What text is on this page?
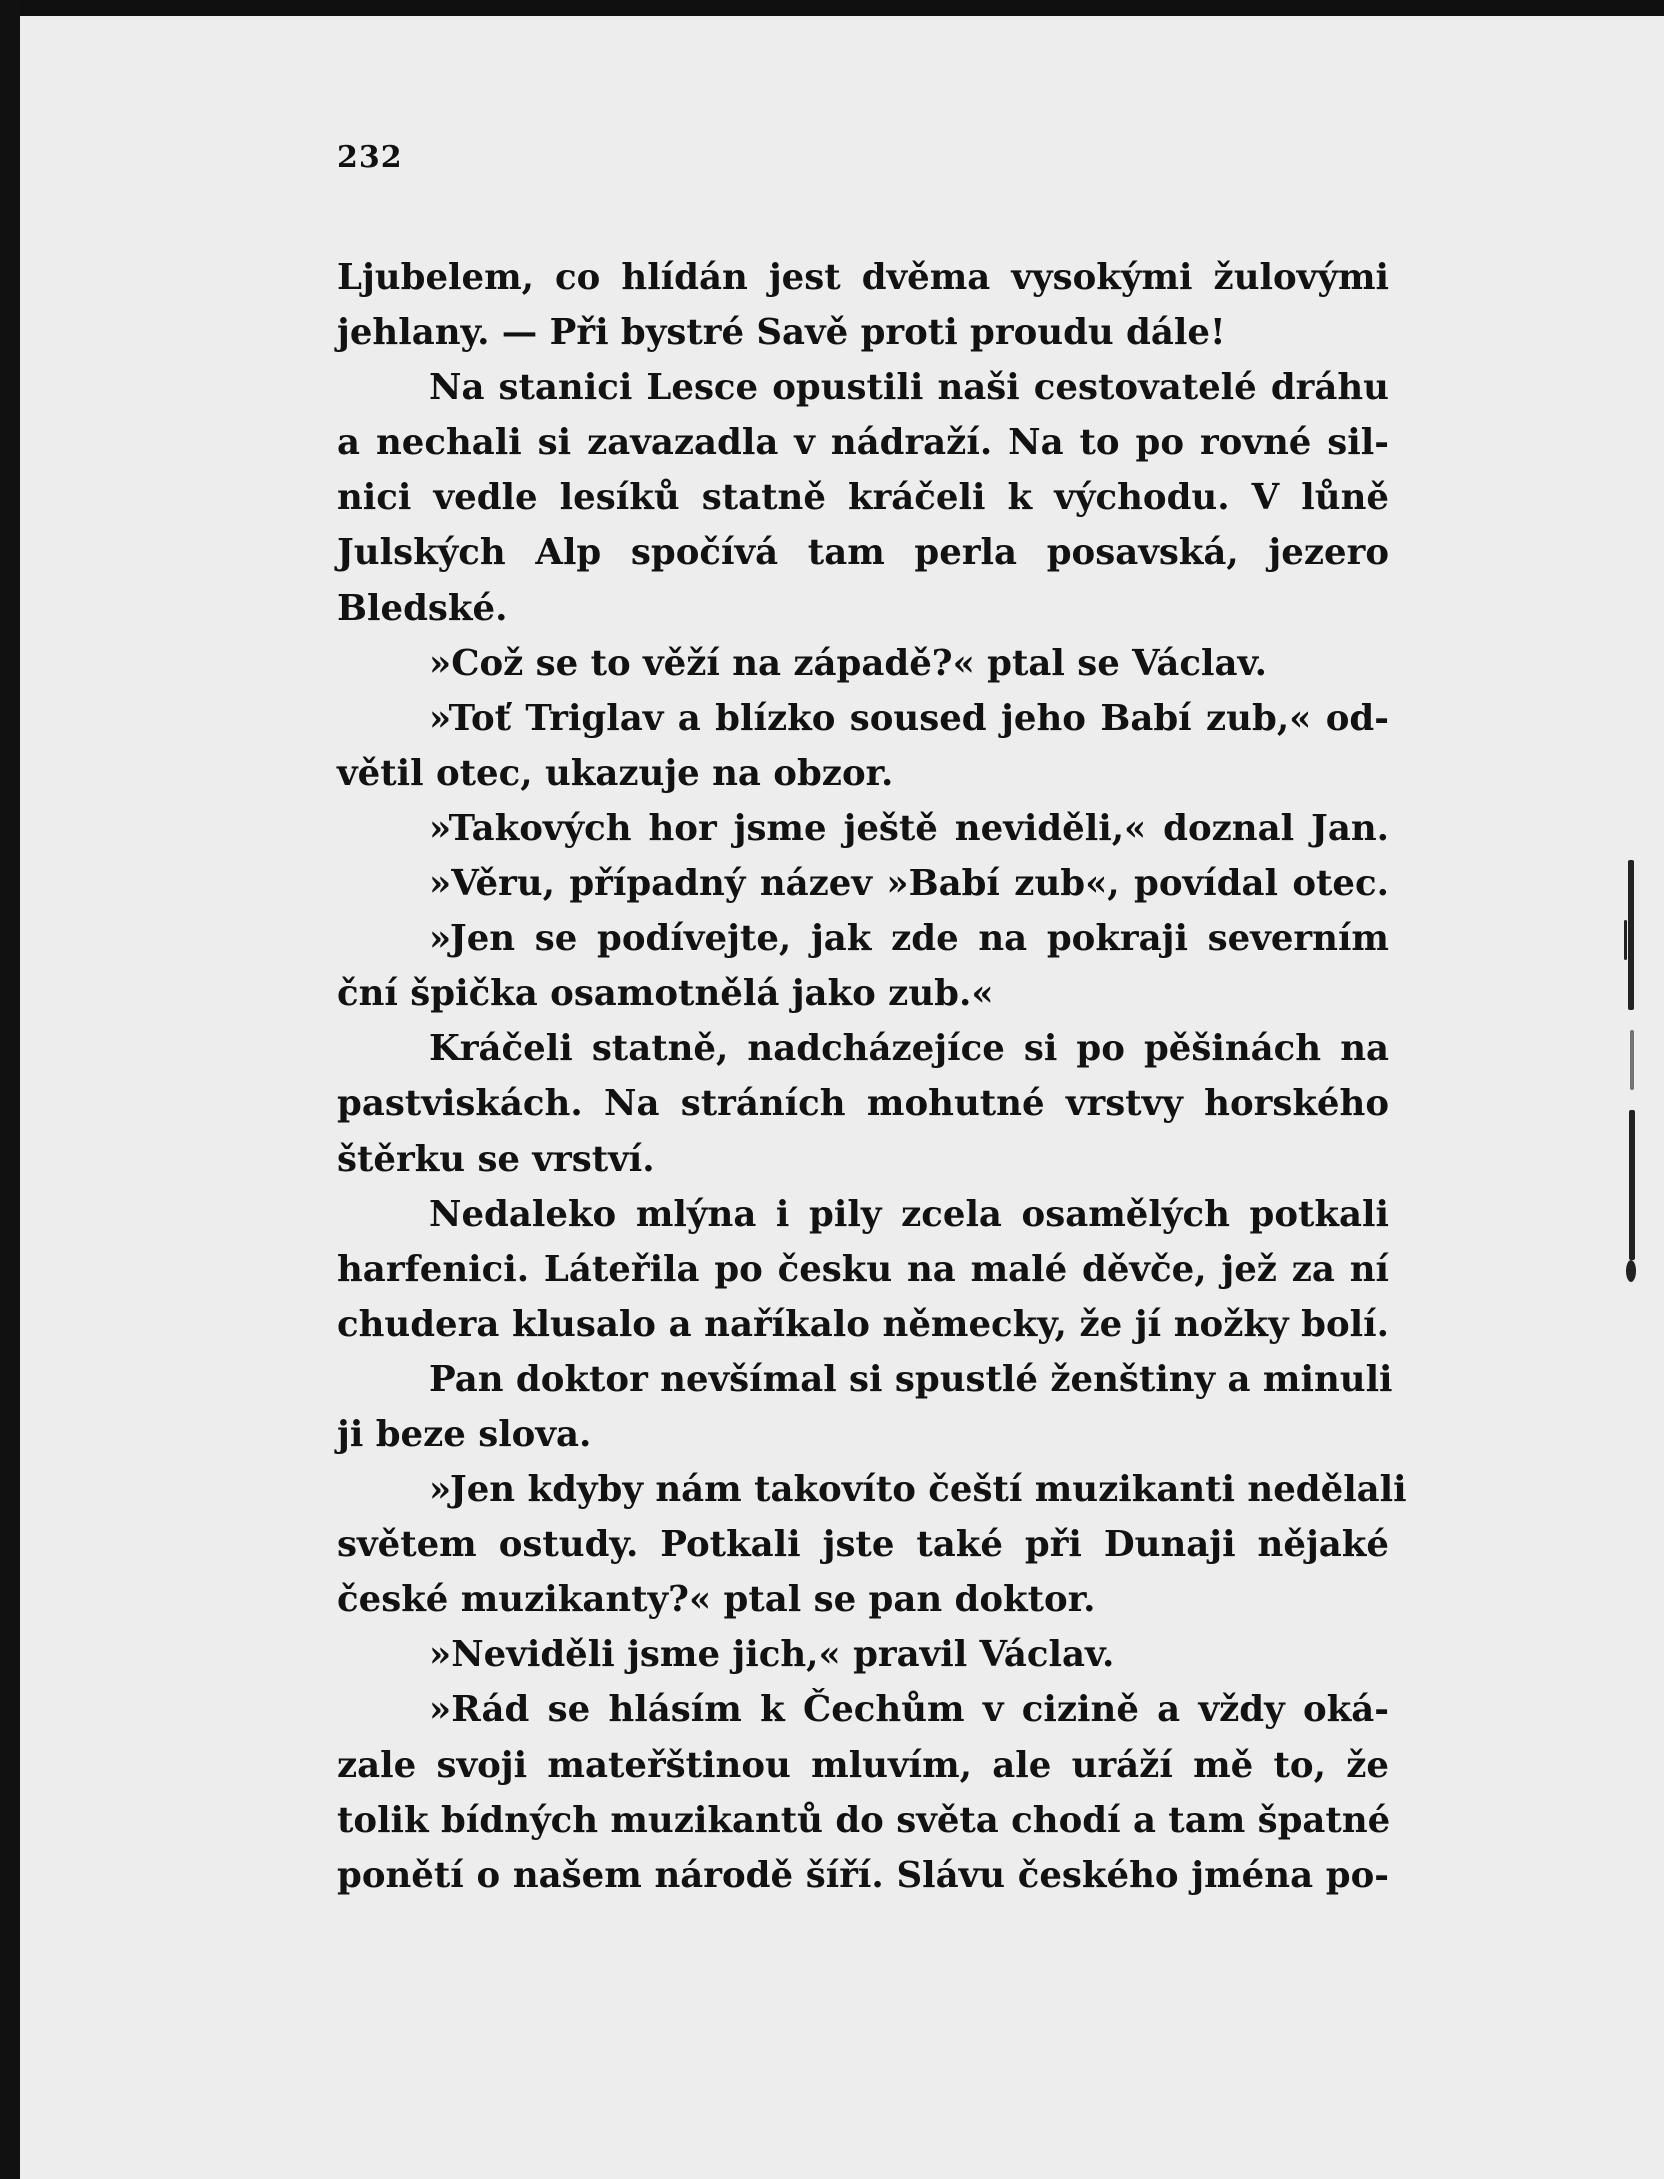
232
Ljubelem, co hlídán jest dvěma vysokými žulovými
jehlany. — Při bystré Savě proti proudu dále!
Na stanici Lesce opustili naši cestovatelé dráhu
a nechali si zavazadla v nádraží. Na to po rovné sil-
nici vedle lesíků statně kráčeli k východu. V lůně
Julských Alp spočívá tam perla posavská, jezero
Bledské.
»Což se to věží na západě?« ptal se Václav.
»Toť Triglav a blízko soused jeho Babí zub,« od-
větil otec, ukazuje na obzor.
»Takových hor jsme ještě neviděli,« doznal Jan.
»Věru, případný název »Babí zub«, povídal otec.
»Jen se podívejte, jak zde na pokraji severním
ční špička osamotnělá jako zub.«
Kráčeli statně, nadcházejíce si po pěšinách na
pastviskách. Na stráních mohutné vrstvy horského
štěrku se vrství.
Nedaleko mlýna i pily zcela osamělých potkali
harfenici. Láteřila po česku na malé děvče, jež za ní
chudera klusalo a naříkalo německy, že jí nožky bolí.
Pan doktor nevšímal si spustlé ženštiny a minuli
ji beze slova.
»Jen kdyby nám takovíto čeští muzikanti nedělali
světem ostudy. Potkali jste také při Dunaji nějaké
české muzikanty?« ptal se pan doktor.
»Neviděli jsme jich,« pravil Václav.
»Rád se hlásím k Čechům v cizině a vždy oká-
zale svoji mateřštinou mluvím, ale uráží mě to, že
tolik bídných muzikantů do světa chodí a tam špatné
ponětí o našem národě šíří. Slávu českého jména po-
